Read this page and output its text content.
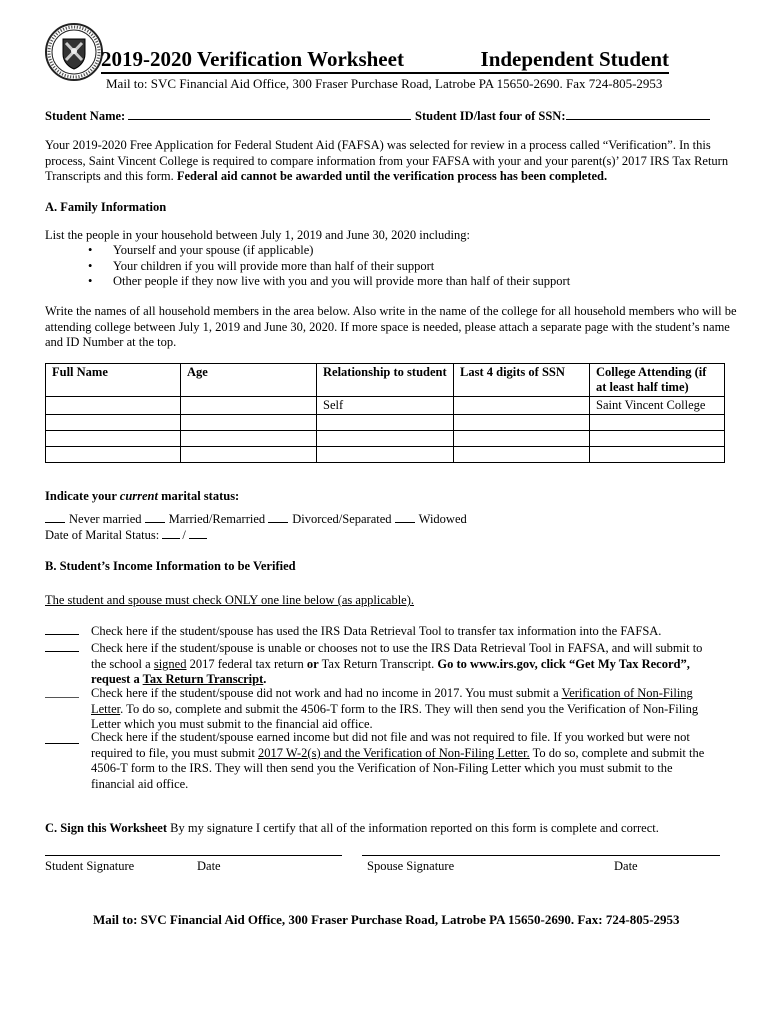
2019-2020 Verification Worksheet	Independent Student
Mail to: SVC Financial Aid Office, 300 Fraser Purchase Road, Latrobe PA 15650-2690. Fax 724-805-2953
Student Name:	Student ID/last four of SSN:
Your 2019-2020 Free Application for Federal Student Aid (FAFSA) was selected for review in a process called “Verification”. In this process, Saint Vincent College is required to compare information from your FAFSA with your and your parent(s)’ 2017 IRS Tax Return Transcripts and this form. Federal aid cannot be awarded until the verification process has been completed.
A. Family Information
List the people in your household between July 1, 2019 and June 30, 2020 including:
• Yourself and your spouse (if applicable)
• Your children if you will provide more than half of their support
• Other people if they now live with you and you will provide more than half of their support
Write the names of all household members in the area below. Also write in the name of the college for all household members who will be attending college between July 1, 2019 and June 30, 2020. If more space is needed, please attach a separate page with the student’s name and ID Number at the top.
Full Name	Age	Relationship to student	Last 4 digits of SSN	College Attending (if at least half time)
		Self		Saint Vincent College

Indicate your current marital status:
Never married Married/Remarried Divorced/Separated Widowed
Date of Marital Status: /
B. Student’s Income Information to be Verified
The student and spouse must check ONLY one line below (as applicable).
Check here if the student/spouse has used the IRS Data Retrieval Tool to transfer tax information into the FAFSA.
Check here if the student/spouse is unable or chooses not to use the IRS Data Retrieval Tool in FAFSA, and will submit to the school a signed 2017 federal tax return or Tax Return Transcript. Go to www.irs.gov, click “Get My Tax Record”, request a Tax Return Transcript.
Check here if the student/spouse did not work and had no income in 2017. You must submit a Verification of Non-Filing Letter. To do so, complete and submit the 4506-T form to the IRS. They will then send you the Verification of Non-Filing Letter which you must submit to the financial aid office.
Check here if the student/spouse earned income but did not file and was not required to file. If you worked but were not required to file, you must submit 2017 W-2(s) and the Verification of Non-Filing Letter. To do so, complete and submit the 4506-T form to the IRS. They will then send you the Verification of Non-Filing Letter which you must submit to the financial aid office.
C. Sign this Worksheet By my signature I certify that all of the information reported on this form is complete and correct.
Student Signature	Date	Spouse Signature	Date
Mail to: SVC Financial Aid Office, 300 Fraser Purchase Road, Latrobe PA 15650-2690. Fax: 724-805-2953
